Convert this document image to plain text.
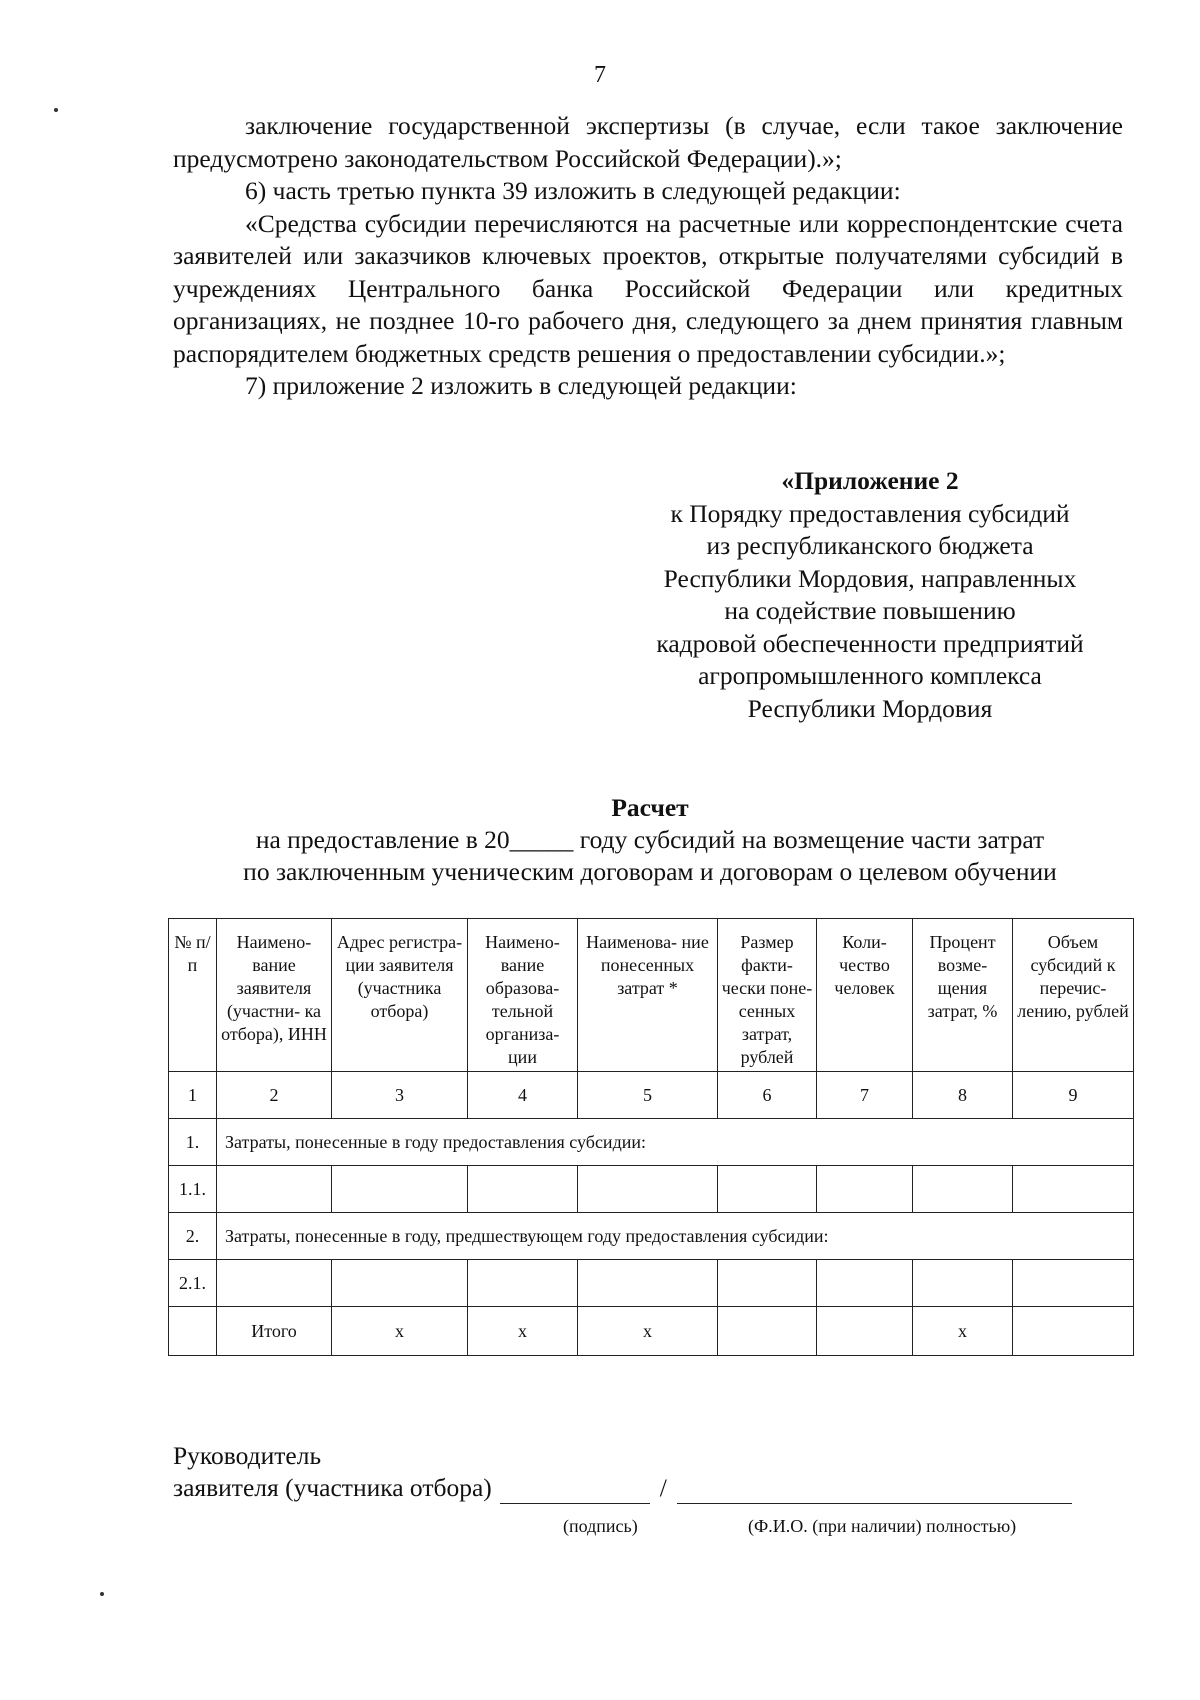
7

заключение государственной экспертизы (в случае, если такое заключение предусмотрено законодательством Российской Федерации).»;

6) часть третью пункта 39 изложить в следующей редакции:

«Средства субсидии перечисляются на расчетные или корреспондентские счета заявителей или заказчиков ключевых проектов, открытые получателями субсидий в учреждениях Центрального банка Российской Федерации или кредитных организациях, не позднее 10-го рабочего дня, следующего за днем принятия главным распорядителем бюджетных средств решения о предоставлении субсидии.»;

7) приложение 2 изложить в следующей редакции:

«Приложение 2
к Порядку предоставления субсидий
из республиканского бюджета
Республики Мордовия, направленных
на содействие повышению
кадровой обеспеченности предприятий
агропромышленного комплекса
Республики Мордовия
Расчет
на предоставление в 20_____ году субсидий на возмещение части затрат
по заключенным ученическим договорам и договорам о целевом обучении
№ п/п	Наимено- вание заявителя (участни- ка отбора), ИНН	Адрес регистра- ции заявителя (участника отбора)	Наимено- вание образова- тельной организа- ции	Наименова- ние понесенных затрат *	Размер факти- чески поне- сенных затрат, рублей	Коли- чество человек	Процент возме- щения затрат, %	Объем субсидий к перечис- лению, рублей
1	2	3	4	5	6	7	8	9
1.	Затраты, понесенные в году предоставления субсидии:							
1.1.								
2.	Затраты, понесенные в году, предшествующем году предоставления субсидии:							
2.1.								
	Итого	х	х	х			х	
Руководитель
заявителя (участника отбора)	/
(подпись)	(Ф.И.О. (при наличии) полностью)
